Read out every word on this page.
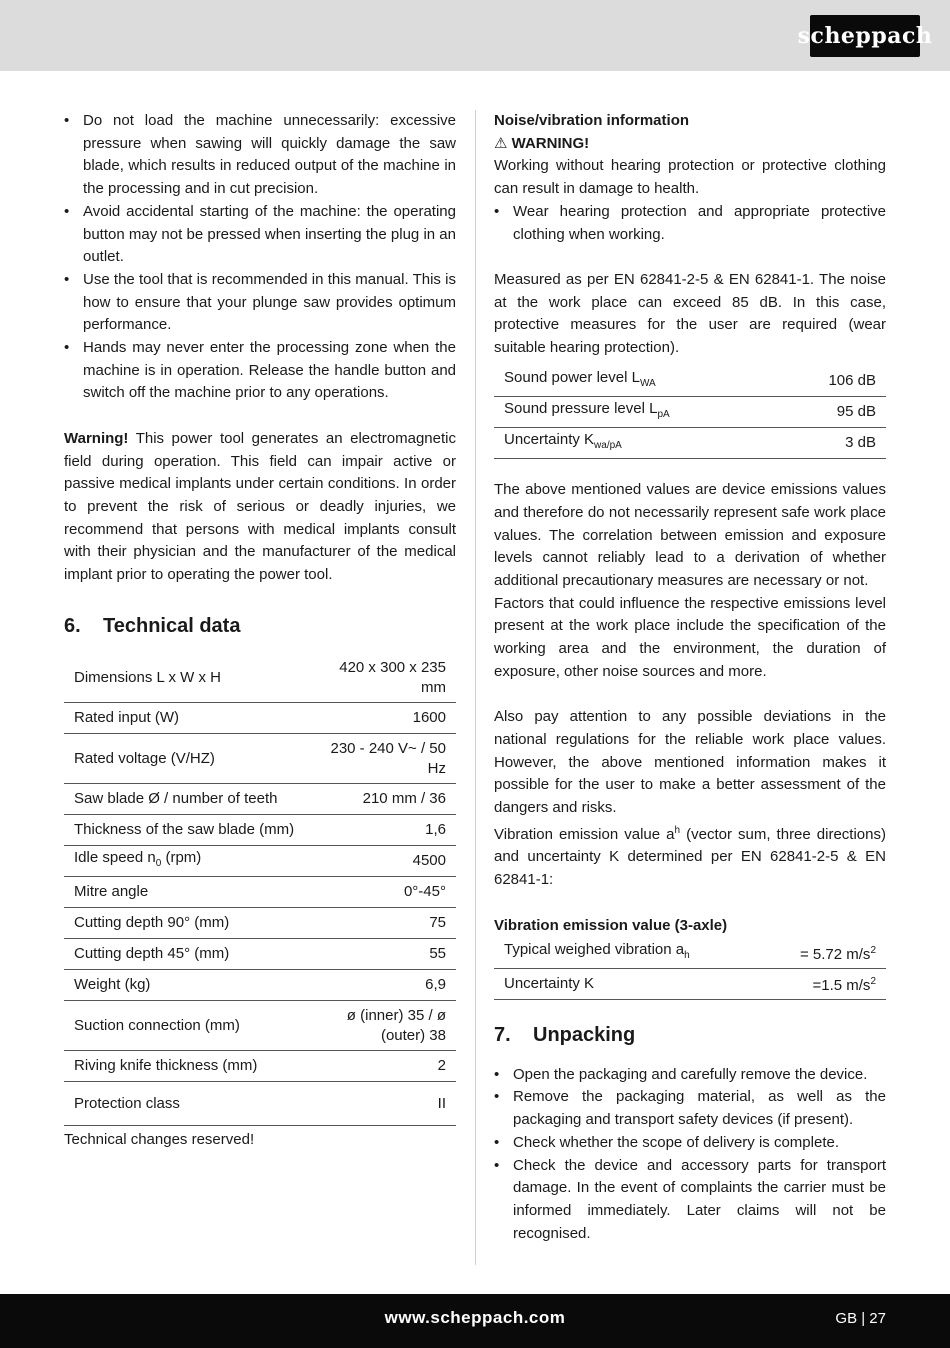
scheppach
• Do not load the machine unnecessarily: excessive pressure when sawing will quickly damage the saw blade, which results in reduced output of the machine in the processing and in cut precision.
• Avoid accidental starting of the machine: the operating button may not be pressed when inserting the plug in an outlet.
• Use the tool that is recommended in this manual. This is how to ensure that your plunge saw provides optimum performance.
• Hands may never enter the processing zone when the machine is in operation. Release the handle button and switch off the machine prior to any operations.

Warning! This power tool generates an electromagnetic field during operation. This field can impair active or passive medical implants under certain conditions. In order to prevent the risk of serious or deadly injuries, we recommend that persons with medical implants consult with their physician and the manufacturer of the medical implant prior to operating the power tool.

6. Technical data
Dimensions L x W x H	420 x 300 x 235 mm
Rated input (W)	1600
Rated voltage (V/HZ)	230 - 240 V~ / 50 Hz
Saw blade Ø / number of teeth	210 mm / 36
Thickness of the saw blade (mm)	1,6
Idle speed $n_0$ (rpm)	4500
Mitre angle	0°-45°
Cutting depth 90° (mm)	75
Cutting depth 45° (mm)	55
Weight (kg)	6,9
Suction connection (mm)	ø (inner) 35 / ø (outer) 38
Riving knife thickness (mm)	2
Protection class	II

Technical changes reserved!

Noise/vibration information

⚠ WARNING!

Working without hearing protection or protective clothing can result in damage to health.

• Wear hearing protection and appropriate protective clothing when working.

Measured as per EN 62841-2-5 & EN 62841-1. The noise at the work place can exceed 85 dB. In this case, protective measures for the user are required (wear suitable hearing protection).

Sound power level $L_{WA}$	106 dB
Sound pressure level $L_{pA}$	95 dB
Uncertainty $K_{wa/pA}$	3 dB

The above mentioned values are device emissions values and therefore do not necessarily represent safe work place values. The correlation between emission and exposure levels cannot reliably lead to a derivation of whether additional precautionary measures are necessary or not.

Factors that could influence the respective emissions level present at the work place include the specification of the working area and the environment, the duration of exposure, other noise sources and more.

Also pay attention to any possible deviations in the national regulations for the reliable work place values. However, the above mentioned information makes it possible for the user to make a better assessment of the dangers and risks.

Vibration emission value $a^h$ (vector sum, three directions) and uncertainty K determined per EN 62841-2-5 & EN 62841-1:

Vibration emission value (3-axle)

Typical weighed vibration $a_h$	= 5.72 $m/s^2$
Uncertainty K	=1.5 $m/s^2$
7. Unpacking
• Open the packaging and carefully remove the device.
• Remove the packaging material, as well as the packaging and transport safety devices (if present).
• Check whether the scope of delivery is complete.
• Check the device and accessory parts for transport damage. In the event of complaints the carrier must be informed immediately. Later claims will not be recognised.
www.scheppach.com	GB | 27
